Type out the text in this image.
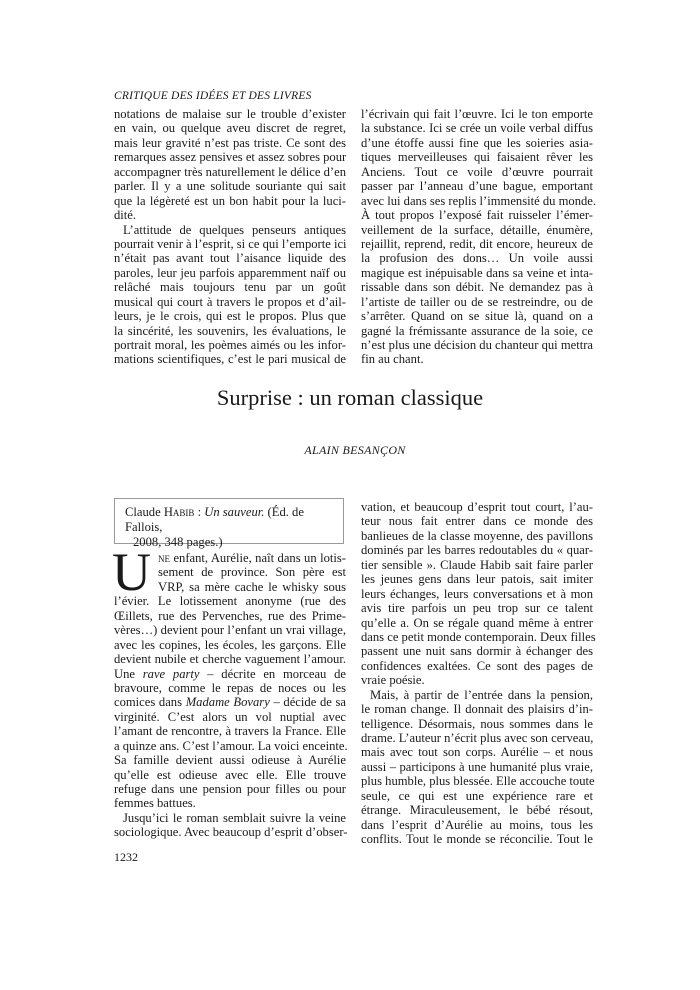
CRITIQUE DES IDÉES ET DES LIVRES
notations de malaise sur le trouble d’exister
en vain, ou quelque aveu discret de regret,
mais leur gravité n’est pas triste. Ce sont des
remarques assez pensives et assez sobres pour
accompagner très naturellement le délice d’en
parler. Il y a une solitude souriante qui sait
que la légèreté est un bon habit pour la luci-
dité.
L’attitude de quelques penseurs antiques
pourrait venir à l’esprit, si ce qui l’emporte ici
n’était pas avant tout l’aisance liquide des
paroles, leur jeu parfois apparemment naïf ou
relâché mais toujours tenu par un goût
musical qui court à travers le propos et d’ail-
leurs, je le crois, qui est le propos. Plus que
la sincérité, les souvenirs, les évaluations, le
portrait moral, les poèmes aimés ou les infor-
mations scientifiques, c’est le pari musical de
l’écrivain qui fait l’œuvre. Ici le ton emporte
la substance. Ici se crée un voile verbal diffus
d’une étoffe aussi fine que les soieries asia-
tiques merveilleuses qui faisaient rêver les
Anciens. Tout ce voile d’œuvre pourrait
passer par l’anneau d’une bague, emportant
avec lui dans ses replis l’immensité du monde.
À tout propos l’exposé fait ruisseler l’émer-
veillement de la surface, détaille, énumère,
rejaillit, reprend, redit, dit encore, heureux de
la profusion des dons… Un voile aussi
magique est inépuisable dans sa veine et inta-
rissable dans son débit. Ne demandez pas à
l’artiste de tailler ou de se restreindre, ou de
s’arrêter. Quand on se situe là, quand on a
gagné la frémissante assurance de la soie, ce
n’est plus une décision du chanteur qui mettra
fin au chant.
Surprise : un roman classique
ALAIN BESANÇON
Claude Habib : Un sauveur. (Éd. de Fallois,
2008, 348 pages.)
U ne enfant, Aurélie, naît dans un lotis-
sement de province. Son père est
VRP, sa mère cache le whisky sous
l’évier. Le lotissement anonyme (rue des
Œillets, rue des Pervenches, rue des Prime-
vères…) devient pour l’enfant un vrai village,
avec les copines, les écoles, les garçons. Elle
devient nubile et cherche vaguement l’amour.
Une rave party – décrite en morceau de
bravoure, comme le repas de noces ou les
comices dans Madame Bovary – décide de sa
virginité. C’est alors un vol nuptial avec
l’amant de rencontre, à travers la France. Elle
a quinze ans. C’est l’amour. La voici enceinte.
Sa famille devient aussi odieuse à Aurélie
qu’elle est odieuse avec elle. Elle trouve
refuge dans une pension pour filles ou pour
femmes battues.
Jusqu’ici le roman semblait suivre la veine
sociologique. Avec beaucoup d’esprit d’obser-
vation, et beaucoup d’esprit tout court, l’au-
teur nous fait entrer dans ce monde des
banlieues de la classe moyenne, des pavillons
dominés par les barres redoutables du « quar-
tier sensible ». Claude Habib sait faire parler
les jeunes gens dans leur patois, sait imiter
leurs échanges, leurs conversations et à mon
avis tire parfois un peu trop sur ce talent
qu’elle a. On se régale quand même à entrer
dans ce petit monde contemporain. Deux filles
passent une nuit sans dormir à échanger des
confidences exaltées. Ce sont des pages de
vraie poésie.
Mais, à partir de l’entrée dans la pension,
le roman change. Il donnait des plaisirs d’in-
telligence. Désormais, nous sommes dans le
drame. L’auteur n’écrit plus avec son cerveau,
mais avec tout son corps. Aurélie – et nous
aussi – participons à une humanité plus vraie,
plus humble, plus blessée. Elle accouche toute
seule, ce qui est une expérience rare et
étrange. Miraculeusement, le bébé résout,
dans l’esprit d’Aurélie au moins, tous les
conflits. Tout le monde se réconcilie. Tout le
1232
